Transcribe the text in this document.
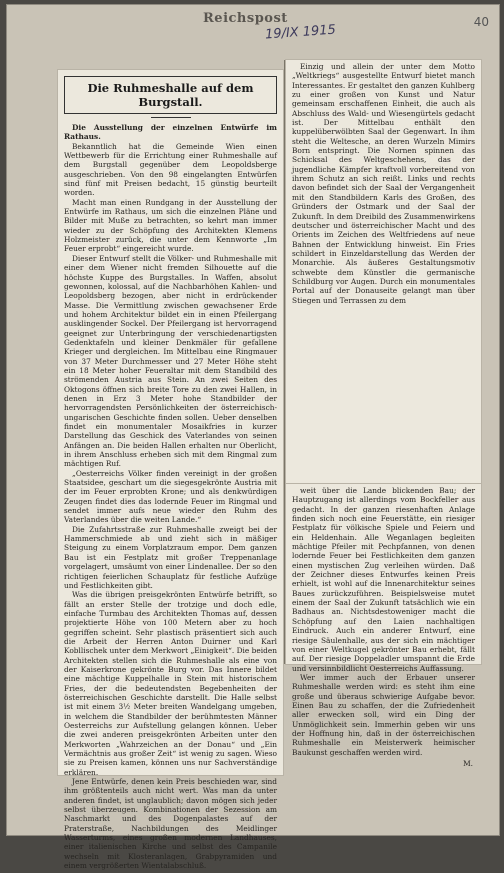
Reichspost
19/IX 1915
40
Die Ruhmeshalle auf dem
Burgstall.

Die Ausstellung der einzelnen Entwürfe im Rathaus.

Bekanntlich hat die Gemeinde Wien einen Wettbewerb für die Errichtung einer Ruhmeshalle auf dem Burgstall gegenüber dem Leopoldsberge ausgeschrieben. Von den 98 eingelangten Entwürfen sind fünf mit Preisen bedacht, 15 günstig beurteilt worden.

Macht man einen Rundgang in der Ausstellung der Entwürfe im Rathaus, um sich die einzelnen Pläne und Bilder mit Muße zu betrachten, so kehrt man immer wieder zu der Schöpfung des Architekten Klemens Holzmeister zurück, die unter dem Kennworte „Im Feuer erprobt“ eingereicht wurde.

Dieser Entwurf stellt die Völker- und Ruhmeshalle mit einer dem Wiener nicht fremden Silhouette auf die höchste Kuppe des Burgstalles. In Waffen, absolut gewonnen, kolossal, auf die Nachbarhöhen Kahlen- und Leopoldsberg bezogen, aber nicht in erdrückender Masse. Die Vermittlung zwischen gewachsener Erde und hohem Architektur bildet ein in einen Pfeilergang ausklingender Sockel. Der Pfeilergang ist hervorragend geeignet zur Unterbringung der verschiedenartigsten Gedenktafeln und kleiner Denkmäler für gefallene Krieger und dergleichen. Im Mittelbau eine Ringmauer von 37 Meter Durchmesser und 27 Meter Höhe steht ein 18 Meter hoher Feueraltar mit dem Standbild des strömenden Austria aus Stein. An zwei Seiten des Oktogons öffnen sich breite Tore zu den zwei Hallen, in denen in Erz 3 Meter hohe Standbilder der hervorragendsten Persönlichkeiten der österreichisch-ungarischen Geschichte finden sollen. Ueber denselben findet ein monumentaler Mosaikfries in kurzer Darstellung das Geschick des Vaterlandes von seinen Anfängen an. Die beiden Hallen erhalten nur Oberlicht, in ihrem Anschluss erheben sich mit dem Ringmal zum mächtigen Ruf.

„Oesterreichs Völker finden vereinigt in der großen Staatsidee, geschart um die siegesgekrönte Austria mit der im Feuer erprobten Krone; und als denkwürdigen Zeugen findet dies das lodernde Feuer im Ringmal und sendet immer aufs neue wieder den Ruhm des Vaterlandes über die weiten Lande.“

Die Zufahrtsstraße zur Ruhmeshalle zweigt bei der Hammerschmiede ab und zieht sich in mäßiger Steigung zu einem Vorplatzraum empor. Dem ganzen Bau ist ein Festplatz mit großer Treppenanlage vorgelagert, umsäumt von einer Lindenallee. Der so den richtigen feierlichen Schauplatz für festliche Aufzüge und Festlichkeiten gibt.

Was die übrigen preisgekrönten Entwürfe betrifft, so fällt an erster Stelle der trotzige und doch edle, einfache Turmbau des Architekten Thomas auf, dessen projektierte Höhe von 100 Metern aber zu hoch gegriffen scheint. Sehr plastisch präsentiert sich auch die Arbeit der Herren Anton Duirner und Karl Kobllischek unter dem Merkwort „Einigkeit“. Die beiden Architekten stellen sich die Ruhmeshalle als eine von der Kaiserkrone gekrönte Burg vor. Das Innere bildet eine mächtige Kuppelhalle in Stein mit historischem Fries, der die bedeutendsten Begebenheiten der österreichischen Geschichte darstellt. Die Halle selbst ist mit einem 3½ Meter breiten Wandelgang umgeben, in welchem die Standbilder der berühmtesten Männer Oesterreichs zur Aufstellung gelangen können. Ueber die zwei anderen preisgekrönten Arbeiten unter den Merkworten „Wahrzeichen an der Donau“ und „Ein Vermächtnis aus großer Zeit“ ist wenig zu sagen. Wieso sie zu Preisen kamen, können uns nur Sachverständige erklären.

Jene Entwürfe, denen kein Preis beschieden war, sind ihm größtenteils auch nicht wert. Was man da unter anderen findet, ist unglaublich; davon mögen sich jeder selbst überzeugen. Kombinationen der Sezession am Naschmarkt und des Dogenpalastes auf der Praterstraße, Nachbildungen des Meidlinger Wasserturms, eines großen modernen Landhauses, einer italienischen Kirche und selbst des Campanile wechseln mit Klosteranlagen, Grabpyramiden und einem vergrößerten Wientalabschluß.

Einzig und allein der unter dem Motto „Weltkriegs“ ausgestellte Entwurf bietet manch Interessantes. Er gestaltet den ganzen Kuhlberg zu einer großen von Kunst und Natur gemeinsam erschaffenen Einheit, die auch als Abschluss des Wald- und Wiesengürtels gedacht ist. Der Mittelbau enthält den kuppelüberwölbten Saal der Gegenwart. In ihm steht die Weltesche, an deren Wurzeln Mimirs Born entspringt. Die Nornen spinnen das Schicksal des Weltgeschehens, das der jugendliche Kämpfer kraftvoll vorbereitend von ihrem Schutz an sich reißt. Links und rechts davon befindet sich der Saal der Vergangenheit mit den Standbildern Karls des Großen, des Gründers der Ostmark und der Saal der Zukunft. In dem Dreibild des Zusammenwirkens deutscher und österreichischer Macht und des Orients im Zeichen des Weltfriedens auf neue Bahnen der Entwicklung hinweist. Ein Fries schildert in Einzeldarstellung das Werden der Monarchie. Als äußeres Gestaltungsmotiv schwebte dem Künstler die germanische Schildburg vor Augen. Durch ein monumentales Portal auf der Donauseite gelangt man über Stiegen und Terrassen zu dem

weit über die Lande blickenden Bau; der Hauptzugang ist allerdings vom Bockfeller aus gedacht. In der ganzen riesenhaften Anlage finden sich noch eine Feuerstätte, ein riesiger Festplatz für völkische Spiele und Feiern und ein Heldenhain. Alle Weganlagen begleiten mächtige Pfeiler mit Pechpfannen, von denen lodernde Feuer bei Festlichkeiten dem ganzen einen mystischen Zug verleihen würden. Daß der Zeichner dieses Entwurfes keinen Preis erhielt, ist wohl auf die Innenarchitektur seines Baues zurückzuführen. Beispielsweise mutet einem der Saal der Zukunft tatsächlich wie ein Badhaus an. Nichtsdestoweniger macht die Schöpfung auf den Laien nachhaltigen Eindruck. Auch ein anderer Entwurf, eine riesige Säulenhalle, aus der sich ein mächtiger von einer Weltkugel gekrönter Bau erhebt, fällt auf. Der riesige Doppeladler umspannt die Erde und versinnbildlicht Oesterreichs Auffassung.

Wer immer auch der Erbauer unserer Ruhmeshalle werden wird: es steht ihm eine große und überaus schwierige Aufgabe bevor. Einen Bau zu schaffen, der die Zufriedenheit aller erwecken soll, wird ein Ding der Unmöglichkeit sein. Immerhin geben wir uns der Hoffnung hin, daß in der österreichischen Ruhmeshalle ein Meisterwerk heimischer Baukunst geschaffen werden wird.

M.
